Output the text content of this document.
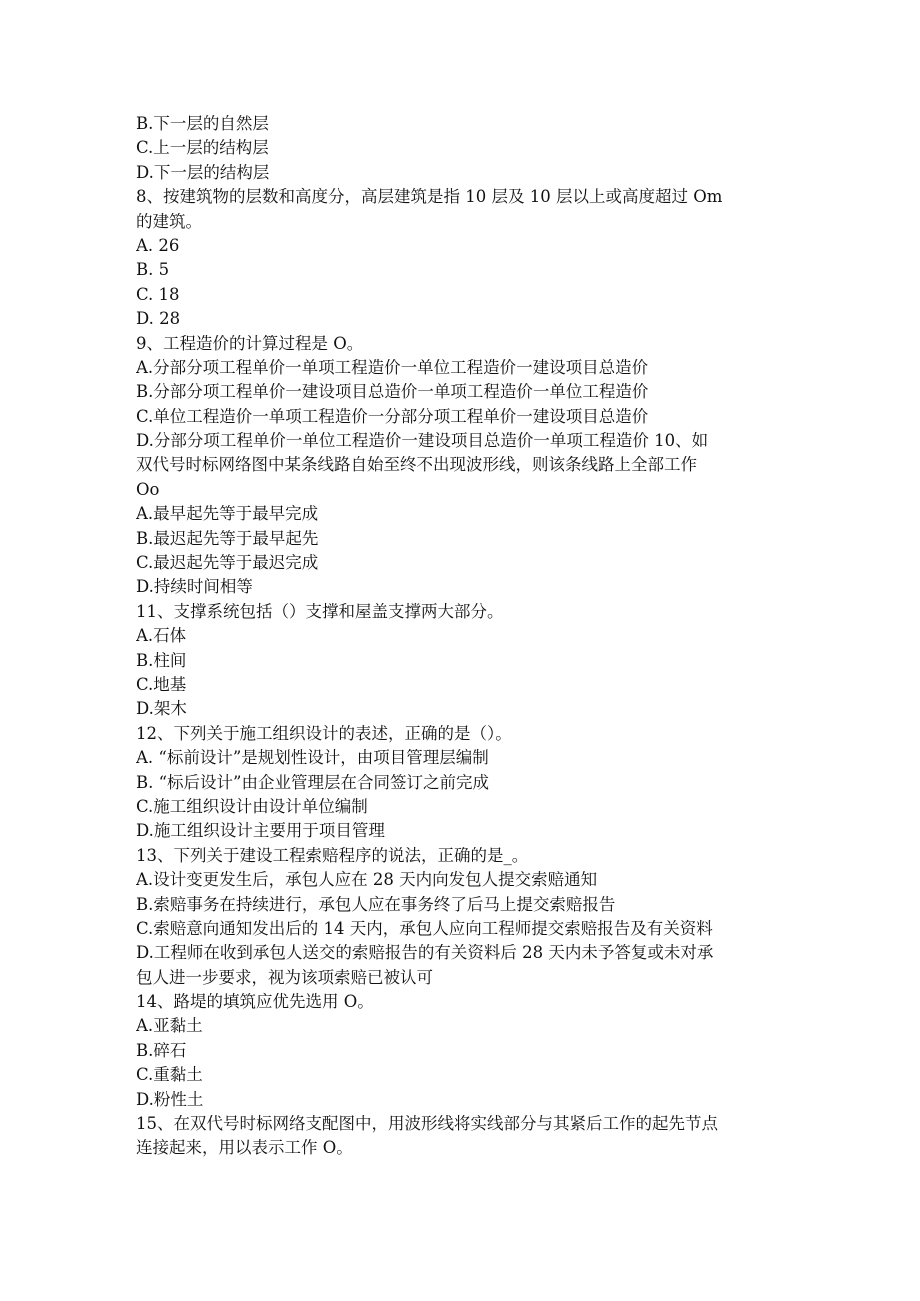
B.下一层的自然层
C.上一层的结构层
D.下一层的结构层
8、按建筑物的层数和高度分，高层建筑是指 10 层及 10 层以上或高度超过 Om
的建筑。
A. 26
B. 5
C. 18
D. 28
9、工程造价的计算过程是 O。
A.分部分项工程单价一单项工程造价一单位工程造价一建设项目总造价
B.分部分项工程单价一建设项目总造价一单项工程造价一单位工程造价
C.单位工程造价一单项工程造价一分部分项工程单价一建设项目总造价
D.分部分项工程单价一单位工程造价一建设项目总造价一单项工程造价 10、如
双代号时标网络图中某条线路自始至终不出现波形线，则该条线路上全部工作
Oo
A.最早起先等于最早完成
B.最迟起先等于最早起先
C.最迟起先等于最迟完成
D.持续时间相等
11、支撑系统包括（）支撑和屋盖支撑两大部分。
A.石体
B.柱间
C.地基
D.架木
12、下列关于施工组织设计的表述，正确的是（）。
A. “标前设计”是规划性设计，由项目管理层编制
B. “标后设计”由企业管理层在合同签订之前完成
C.施工组织设计由设计单位编制
D.施工组织设计主要用于项目管理
13、下列关于建设工程索赔程序的说法，正确的是_。
A.设计变更发生后，承包人应在 28 天内向发包人提交索赔通知
B.索赔事务在持续进行，承包人应在事务终了后马上提交索赔报告
C.索赔意向通知发出后的 14 天内，承包人应向工程师提交索赔报告及有关资料
D.工程师在收到承包人送交的索赔报告的有关资料后 28 天内未予答复或未对承
包人进一步要求，视为该项索赔已被认可
14、路堤的填筑应优先选用 O。
A.亚黏土
B.碎石
C.重黏土
D.粉性土
15、在双代号时标网络支配图中，用波形线将实线部分与其紧后工作的起先节点
连接起来，用以表示工作 O。
